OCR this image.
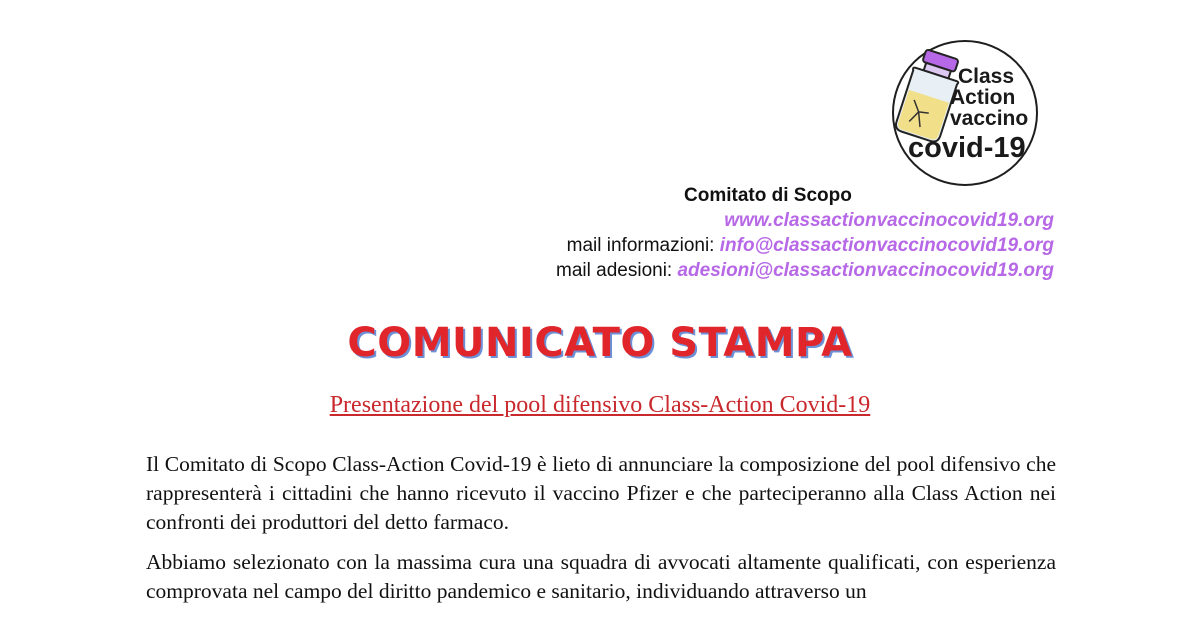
Class
Action
vaccino
covid-19
Comitato di Scopo
www.classactionvaccinocovid19.org
mail informazioni: info@classactionvaccinocovid19.org
mail adesioni: adesioni@classactionvaccinocovid19.org
COMUNICATO STAMPA
Presentazione del pool difensivo Class-Action Covid-19

Il Comitato di Scopo Class-Action Covid-19 è lieto di annunciare la composizione del pool difensivo che rappresenterà i cittadini che hanno ricevuto il vaccino Pfizer e che parteciperanno alla Class Action nei confronti dei produttori del detto farmaco.

Abbiamo selezionato con la massima cura una squadra di avvocati altamente qualificati, con esperienza comprovata nel campo del diritto pandemico e sanitario, individuando attraverso un
